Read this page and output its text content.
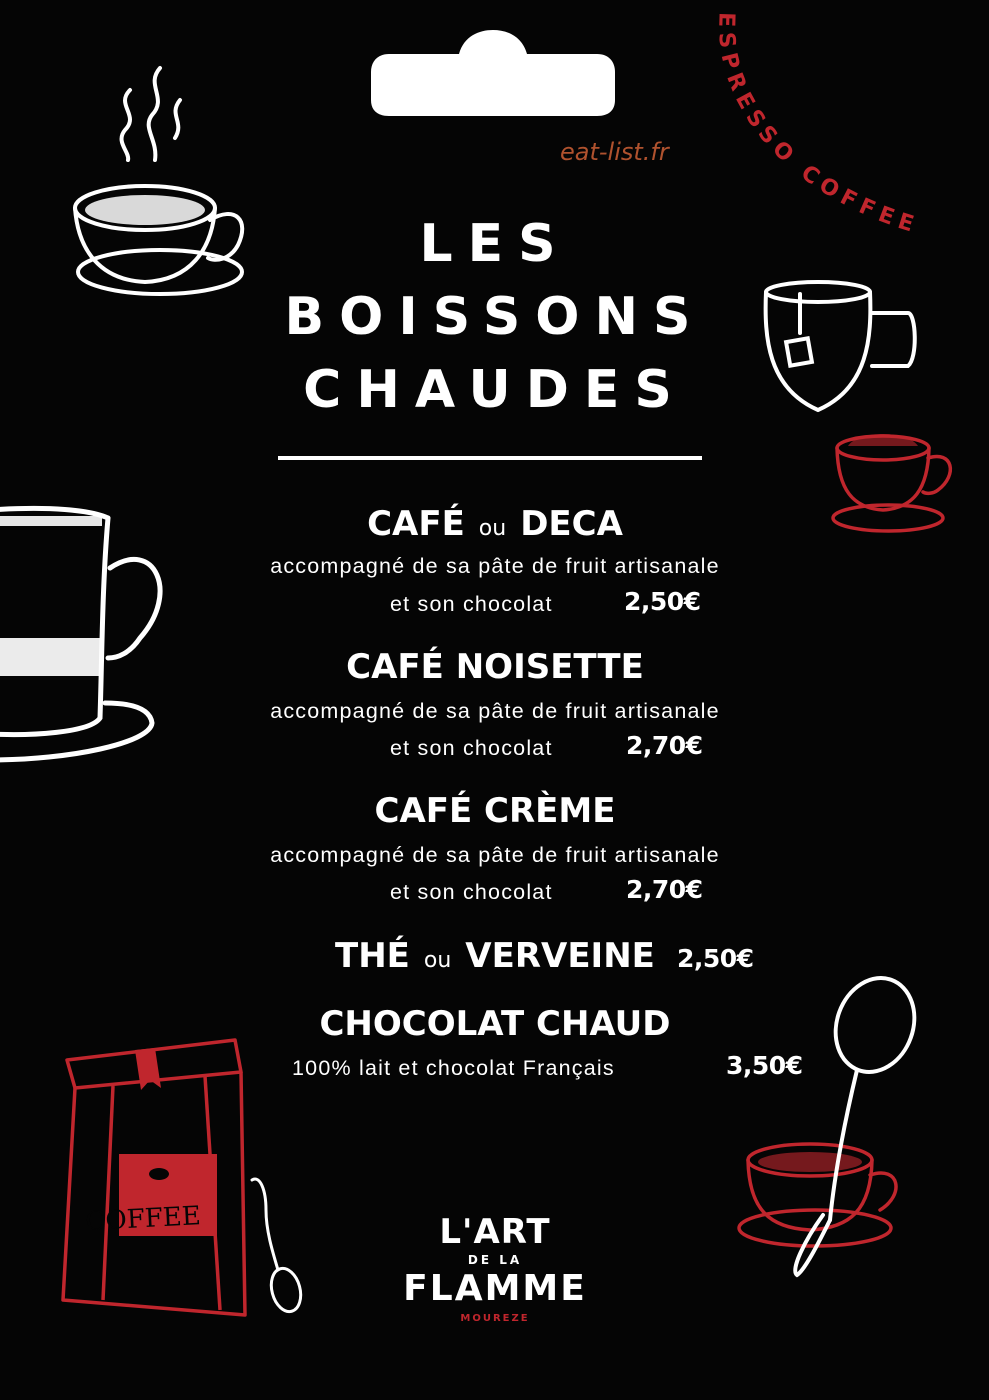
eat-list.fr
ESPRESSO COFFEE
LES
BOISSONS
CHAUDES
CAFÉ ou DECA
accompagné de sa pâte de fruit artisanale
et son chocolat	2,50€
CAFÉ NOISETTE
accompagné de sa pâte de fruit artisanale
et son chocolat	2,70€
CAFÉ CRÈME
accompagné de sa pâte de fruit artisanale
et son chocolat	2,70€
THÉ ou VERVEINE 2,50€
CHOCOLAT CHAUD
100% lait et chocolat Français	3,50€
L'ART
DE LA
FLAMME
MOUREZE
COFFEE
